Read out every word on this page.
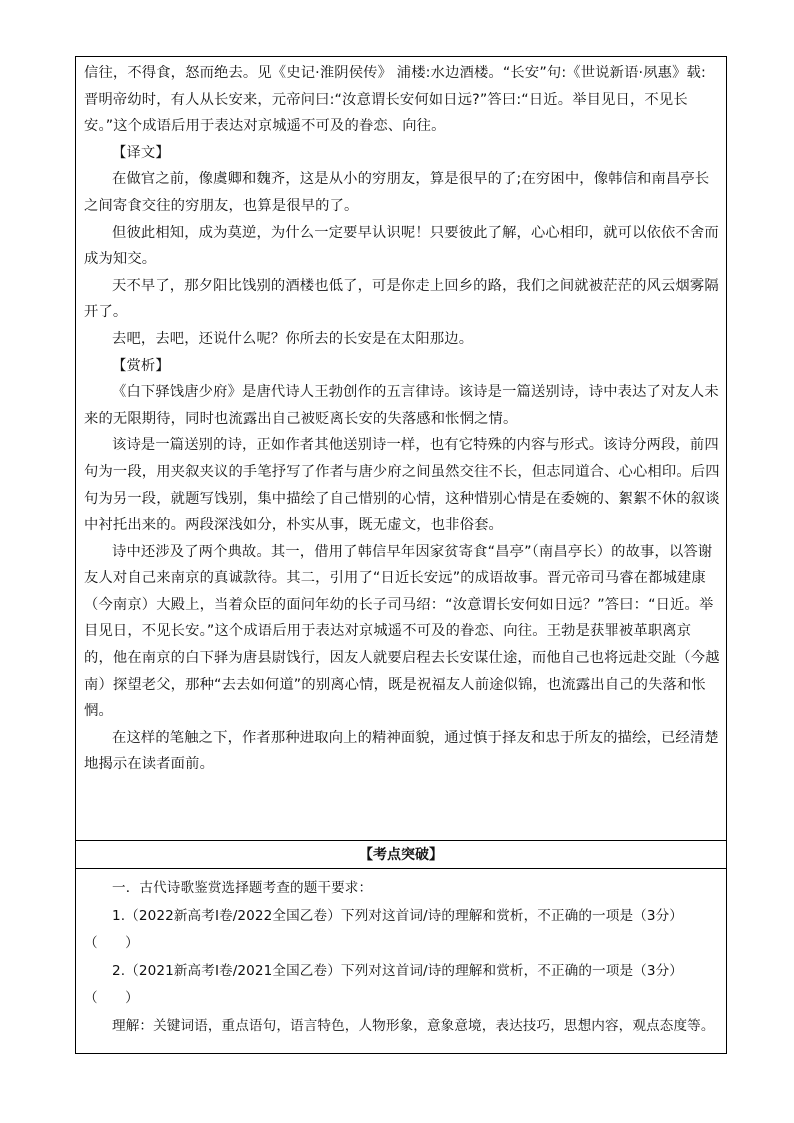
信往，不得食，怒而绝去。见《史记·淮阴侯传》 浦楼:水边酒楼。“长安”句:《世说新语·夙惠》载:晋明帝幼时，有人从长安来，元帝问曰:“汝意谓长安何如日远?”答曰:“日近。举目见日，不见长安。”这个成语后用于表达对京城遥不可及的眷恋、向往。

【译文】

在做官之前，像虞卿和魏齐，这是从小的穷朋友，算是很早的了;在穷困中，像韩信和南昌亭长之间寄食交往的穷朋友，也算是很早的了。

但彼此相知，成为莫逆，为什么一定要早认识呢！只要彼此了解，心心相印，就可以依依不舍而成为知交。

天不早了，那夕阳比饯别的酒楼也低了，可是你走上回乡的路，我们之间就被茫茫的风云烟雾隔开了。

去吧，去吧，还说什么呢？你所去的长安是在太阳那边。

【赏析】

《白下驿饯唐少府》是唐代诗人王勃创作的五言律诗。该诗是一篇送别诗，诗中表达了对友人未来的无限期待，同时也流露出自己被贬离长安的失落感和怅惘之情。

该诗是一篇送别的诗，正如作者其他送别诗一样，也有它特殊的内容与形式。该诗分两段，前四句为一段，用夹叙夹议的手笔抒写了作者与唐少府之间虽然交往不长，但志同道合、心心相印。后四句为另一段，就题写饯别，集中描绘了自己惜别的心情，这种惜别心情是在委婉的、絮絮不休的叙谈中衬托出来的。两段深浅如分，朴实从事，既无虚文，也非俗套。

诗中还涉及了两个典故。其一，借用了韩信早年因家贫寄食“昌亭”（南昌亭长）的故事，以答谢友人对自己来南京的真诚款待。其二，引用了“日近长安远”的成语故事。晋元帝司马睿在都城建康（今南京）大殿上，当着众臣的面问年幼的长子司马绍：“汝意谓长安何如日远？”答曰：“日近。举目见日，不见长安。”这个成语后用于表达对京城遥不可及的眷恋、向往。王勃是获罪被革职离京的，他在南京的白下驿为唐县尉饯行，因友人就要启程去长安谋仕途，而他自己也将远赴交趾（今越南）探望老父，那种“去去如何道”的别离心情，既是祝福友人前途似锦，也流露出自己的失落和怅惘。

在这样的笔触之下，作者那种进取向上的精神面貌，通过慎于择友和忠于所友的描绘，已经清楚地揭示在读者面前。

【考点突破】

一．古代诗歌鉴赏选择题考查的题干要求：

1.（2022新高考Ⅰ卷/2022全国乙卷）下列对这首词/诗的理解和赏析，不正确的一项是（3分）（　　）

2.（2021新高考Ⅰ卷/2021全国乙卷）下列对这首词/诗的理解和赏析，不正确的一项是（3分）（　　）

理解：关键词语，重点语句，语言特色，人物形象，意象意境，表达技巧，思想内容，观点态度等。
